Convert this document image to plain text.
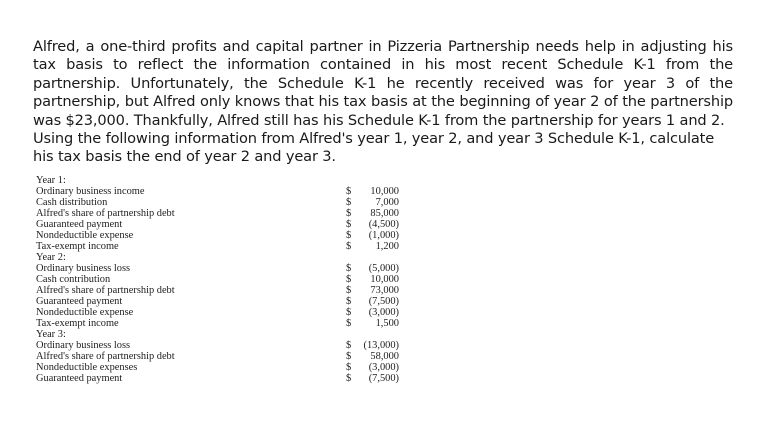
Alfred, a one-third profits and capital partner in Pizzeria Partnership needs help in adjusting his tax basis to reflect the information contained in his most recent Schedule K-1 from the partnership. Unfortunately, the Schedule K-1 he recently received was for year 3 of the partnership, but Alfred only knows that his tax basis at the beginning of year 2 of the partnership was $23,000. Thankfully, Alfred still has his Schedule K-1 from the partnership for years 1 and 2.

Using the following information from Alfred's year 1, year 2, and year 3 Schedule K-1, calculate his tax basis the end of year 2 and year 3.

Year 1:
Ordinary business income	$	10,000
Cash distribution	$	7,000
Alfred's share of partnership debt	$	85,000
Guaranteed payment	$	(4,500)
Nondeductible expense	$	(1,000)
Tax-exempt income	$	1,200
Year 2:
Ordinary business loss	$	(5,000)
Cash contribution	$	10,000
Alfred's share of partnership debt	$	73,000
Guaranteed payment	$	(7,500)
Nondeductible expense	$	(3,000)
Tax-exempt income	$	1,500
Year 3:
Ordinary business loss	$	(13,000)
Alfred's share of partnership debt	$	58,000
Nondeductible expenses	$	(3,000)
Guaranteed payment	$	(7,500)
